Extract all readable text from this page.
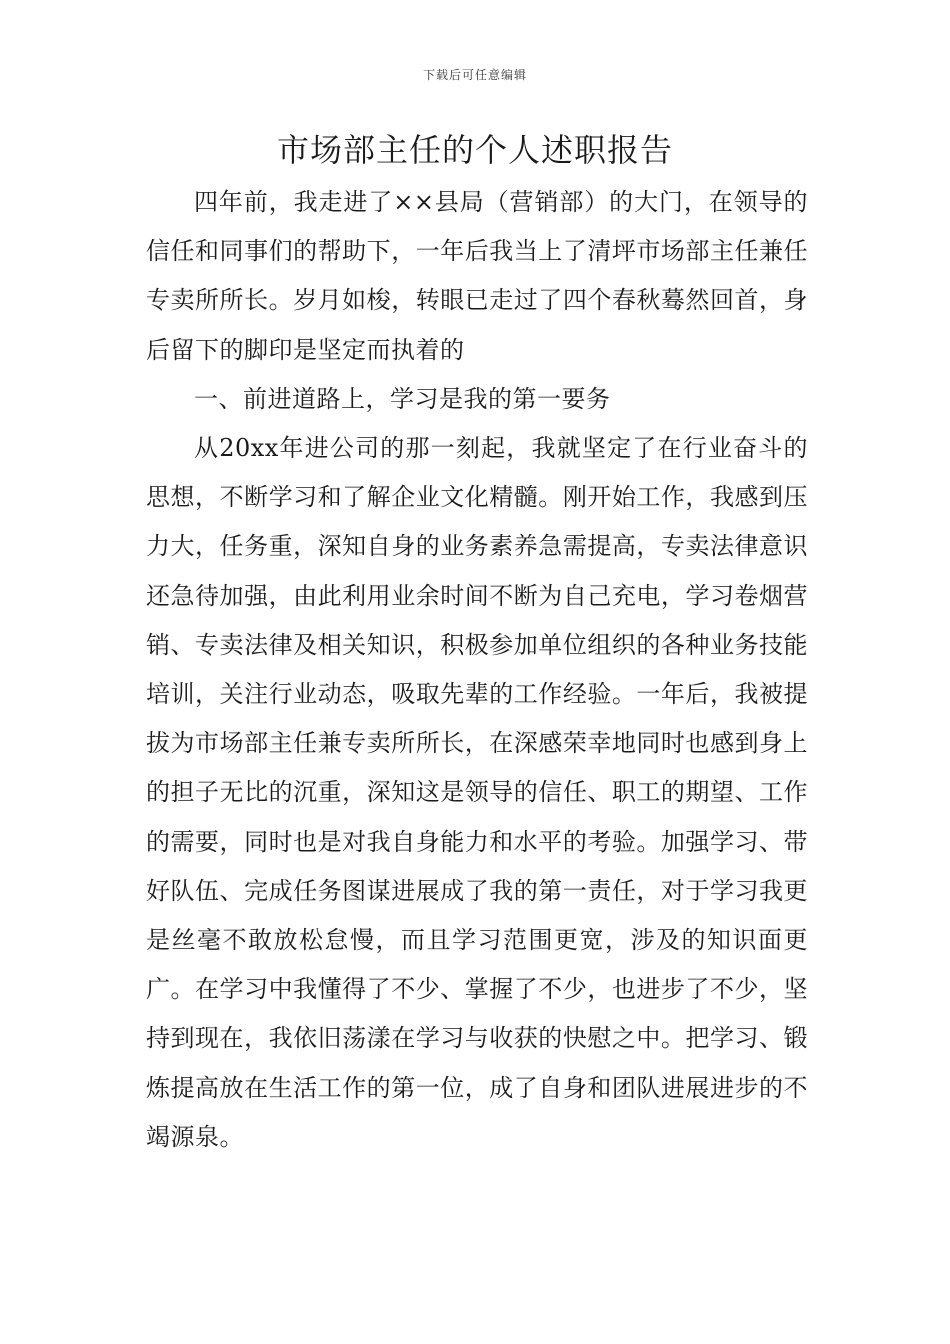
下载后可任意编辑
市场部主任的个人述职报告

四年前，我走进了××县局（营销部）的大门，在领导的信任和同事们的帮助下，一年后我当上了清坪市场部主任兼任专卖所所长。岁月如梭，转眼已走过了四个春秋蓦然回首，身后留下的脚印是坚定而执着的

一、前进道路上，学习是我的第一要务

从20xx年进公司的那一刻起，我就坚定了在行业奋斗的思想，不断学习和了解企业文化精髓。刚开始工作，我感到压力大，任务重，深知自身的业务素养急需提高，专卖法律意识还急待加强，由此利用业余时间不断为自己充电，学习卷烟营销、专卖法律及相关知识，积极参加单位组织的各种业务技能培训，关注行业动态，吸取先辈的工作经验。一年后，我被提拔为市场部主任兼专卖所所长，在深感荣幸地同时也感到身上的担子无比的沉重，深知这是领导的信任、职工的期望、工作的需要，同时也是对我自身能力和水平的考验。加强学习、带好队伍、完成任务图谋进展成了我的第一责任，对于学习我更是丝毫不敢放松怠慢，而且学习范围更宽，涉及的知识面更广。在学习中我懂得了不少、掌握了不少，也进步了不少，坚持到现在，我依旧荡漾在学习与收获的快慰之中。把学习、锻炼提高放在生活工作的第一位，成了自身和团队进展进步的不竭源泉。
